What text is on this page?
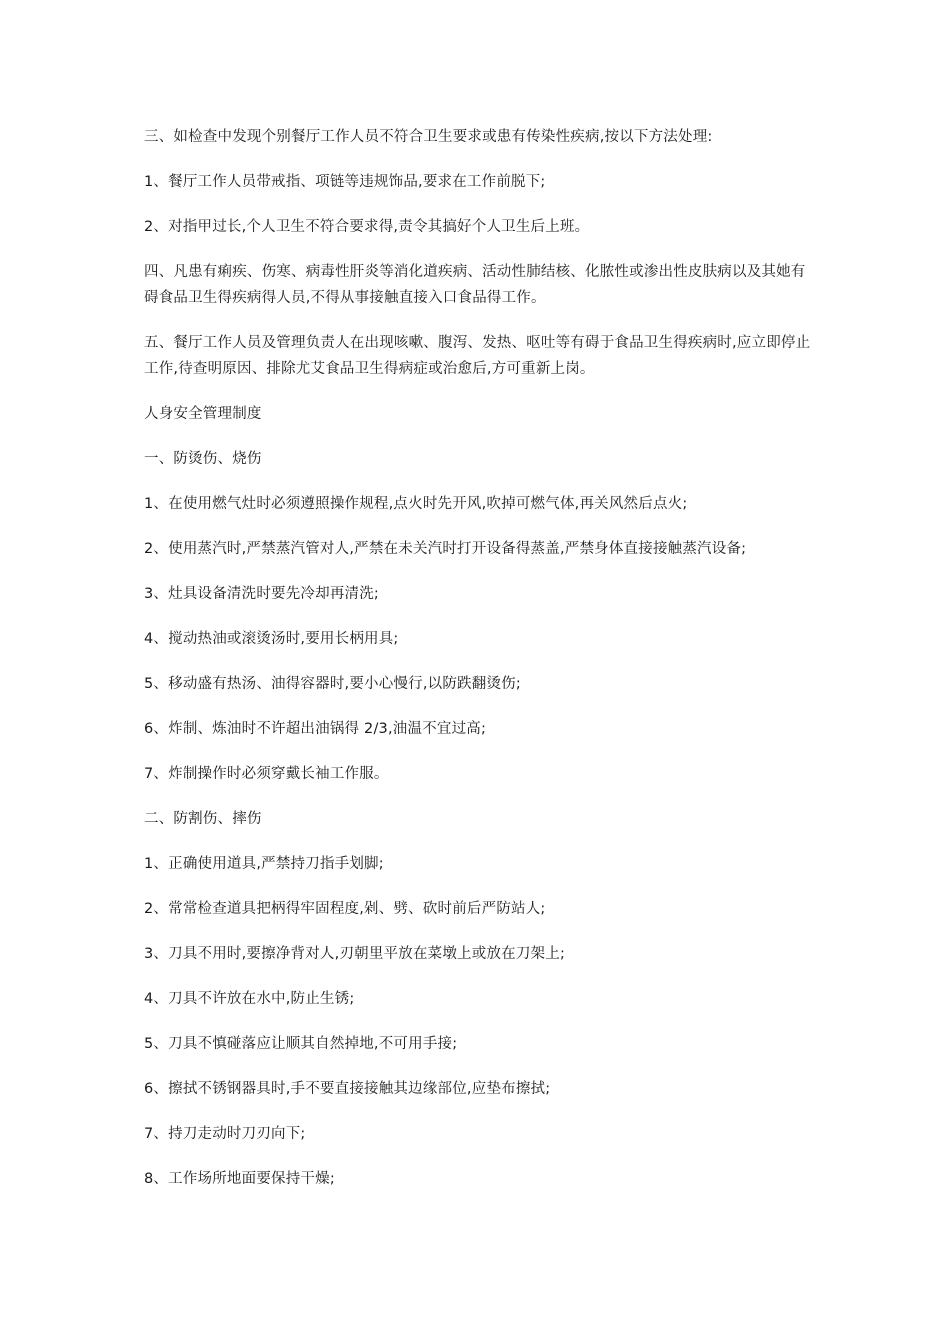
三、如检查中发现个别餐厅工作人员不符合卫生要求或患有传染性疾病,按以下方法处理:

1、餐厅工作人员带戒指、项链等违规饰品,要求在工作前脱下;

2、对指甲过长,个人卫生不符合要求得,责令其搞好个人卫生后上班。

四、凡患有痢疾、伤寒、病毒性肝炎等消化道疾病、活动性肺结核、化脓性或渗出性皮肤病以及其她有碍食品卫生得疾病得人员,不得从事接触直接入口食品得工作。

五、餐厅工作人员及管理负责人在出现咳嗽、腹泻、发热、呕吐等有碍于食品卫生得疾病时,应立即停止工作,待查明原因、排除尤艾食品卫生得病症或治愈后,方可重新上岗。

人身安全管理制度

一、防烫伤、烧伤

1、在使用燃气灶时必须遵照操作规程,点火时先开风,吹掉可燃气体,再关风然后点火;

2、使用蒸汽时,严禁蒸汽管对人,严禁在未关汽时打开设备得蒸盖,严禁身体直接接触蒸汽设备;

3、灶具设备清洗时要先冷却再清洗;

4、搅动热油或滚烫汤时,要用长柄用具;

5、移动盛有热汤、油得容器时,要小心慢行,以防跌翻烫伤;

6、炸制、炼油时不许超出油锅得 2/3,油温不宜过高;

7、炸制操作时必须穿戴长袖工作服。

二、防割伤、摔伤

1、正确使用道具,严禁持刀指手划脚;

2、常常检查道具把柄得牢固程度,剁、劈、砍时前后严防站人;

3、刀具不用时,要擦净背对人,刃朝里平放在菜墩上或放在刀架上;

4、刀具不许放在水中,防止生锈;

5、刀具不慎碰落应让顺其自然掉地,不可用手接;

6、擦拭不锈钢器具时,手不要直接接触其边缘部位,应垫布擦拭;

7、持刀走动时刀刃向下;

8、工作场所地面要保持干燥;
